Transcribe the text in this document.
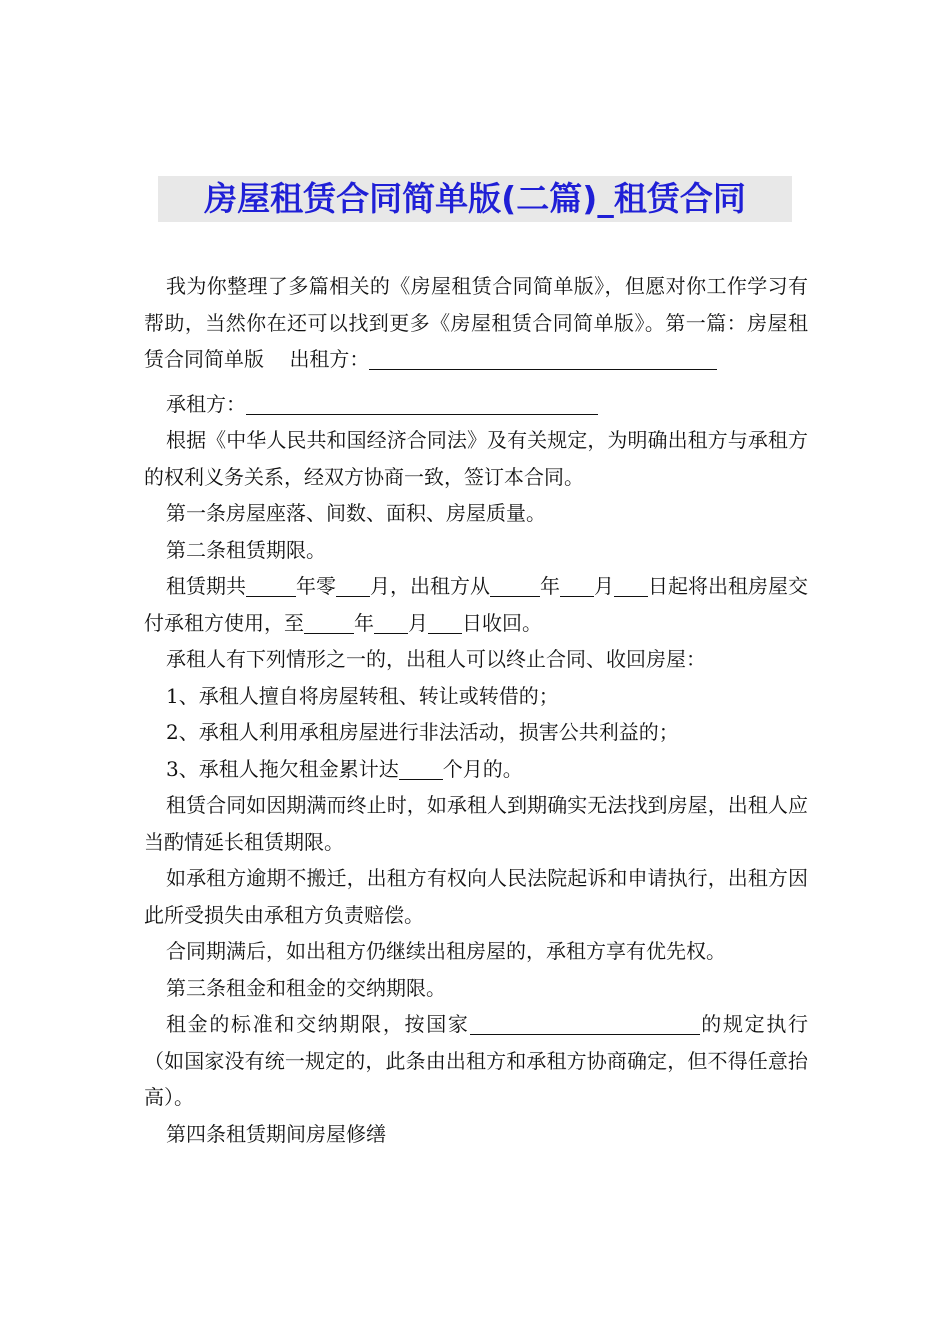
房屋租赁合同简单版(二篇)_租赁合同

我为你整理了多篇相关的《房屋租赁合同简单版》，但愿对你工作学习有帮助，当然你在还可以找到更多《房屋租赁合同简单版》。第一篇：房屋租赁合同简单版 出租方：

承租方：

根据《中华人民共和国经济合同法》及有关规定，为明确出租方与承租方的权利义务关系，经双方协商一致，签订本合同。

第一条房屋座落、间数、面积、房屋质量。

第二条租赁期限。

租赁期共	年零 月，出租方从	年 月 日起将出租房屋交付承租方使用，至	年 月 日收回。

承租人有下列情形之一的，出租人可以终止合同、收回房屋：

1、承租人擅自将房屋转租、转让或转借的；

2、承租人利用承租房屋进行非法活动，损害公共利益的；

3、承租人拖欠租金累计达 个月的。

租赁合同如因期满而终止时，如承租人到期确实无法找到房屋，出租人应当酌情延长租赁期限。

如承租方逾期不搬迁，出租方有权向人民法院起诉和申请执行，出租方因此所受损失由承租方负责赔偿。

合同期满后，如出租方仍继续出租房屋的，承租方享有优先权。

第三条租金和租金的交纳期限。

租金的标准和交纳期限，按国家	的规定执行（如国家没有统一规定的，此条由出租方和承租方协商确定，但不得任意抬高）。

第四条租赁期间房屋修缮
